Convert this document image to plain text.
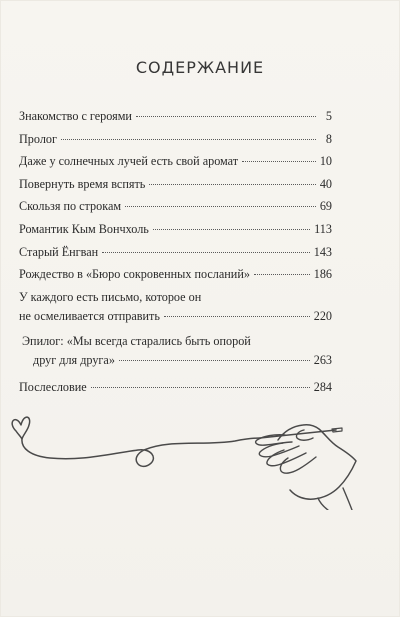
СОДЕРЖАНИЕ
Знакомство с героями	5
Пролог	8
Даже у солнечных лучей есть свой аромат	10
Повернуть время вспять	40
Скользя по строкам	69
Романтик Кым Вончхоль	113
Старый Ёнгван	143
Рождество в «Бюро сокровенных посланий»	186
У каждого есть письмо, которое он
не осмеливается отправить	220
Эпилог: «Мы всегда старались быть опорой
друг для друга»	263
Послесловие	284
